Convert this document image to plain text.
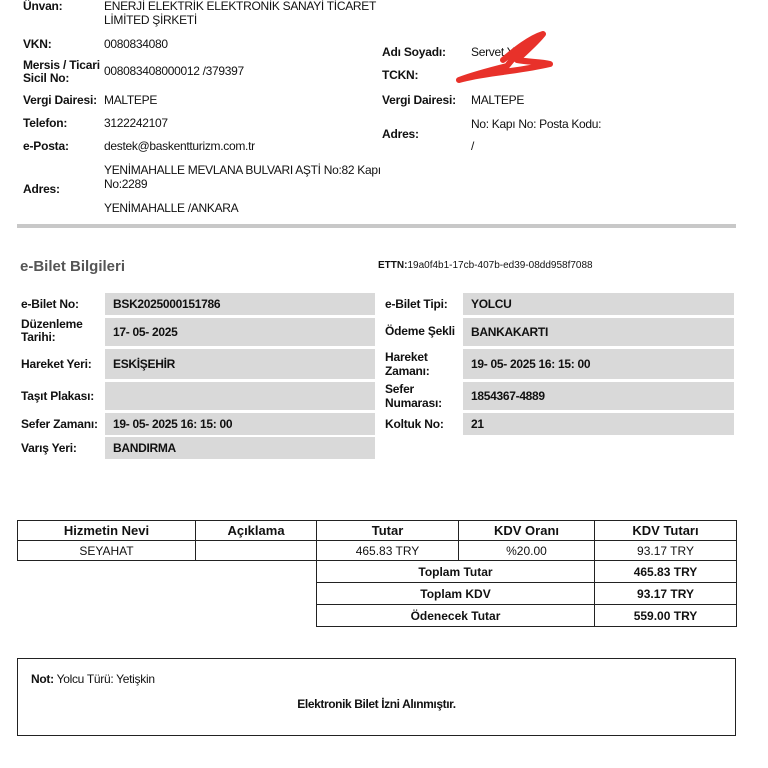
Ünvan:	ENERJİ ELEKTRİK ELEKTRONİK SANAYİ TİCARET
LİMİTED ŞİRKETİ
VKN:	0080834080
Mersis / Ticari
Sicil No:	008083408000012 /379397
Vergi Dairesi: MALTEPE
Telefon:	3122242107
e-Posta:	destek@baskentturizm.com.tr
Adres:
YENİMAHALLE MEVLANA BULVARI AŞTİ No:82 Kapı
No:2289
YENİMAHALLE /ANKARA
Adı Soyadı: Servet Ya
TCKN:
Vergi Dairesi: MALTEPE
Adres:
No: Kapı No: Posta Kodu:
/
e-Bilet Bilgileri	ETTN:19a0f4b1-17cb-407b-ed39-08dd958f7088
e-Bilet No:	BSK2025000151786
Düzenleme Tarihi:	17- 05- 2025
Hareket Yeri:	ESKİŞEHİR
Taşıt Plakası:
Sefer Zamanı:	19- 05- 2025 16: 15: 00
Varış Yeri:	BANDIRMA
e-Bilet Tipi:	YOLCU
Ödeme Şekli	BANKAKARTI
Hareket Zamanı:	19- 05- 2025 16: 15: 00
Sefer Numarası:	1854367-4889
Koltuk No:	21
Hizmetin Nevi	Açıklama	Tutar	KDV Oranı	KDV Tutarı
SEYAHAT		465.83 TRY	%20.00	93.17 TRY
		Toplam Tutar		465.83 TRY
		Toplam KDV		93.17 TRY
		Ödenecek Tutar		559.00 TRY
Not: Yolcu Türü: Yetişkin
Elektronik Bilet İzni Alınmıştır.
